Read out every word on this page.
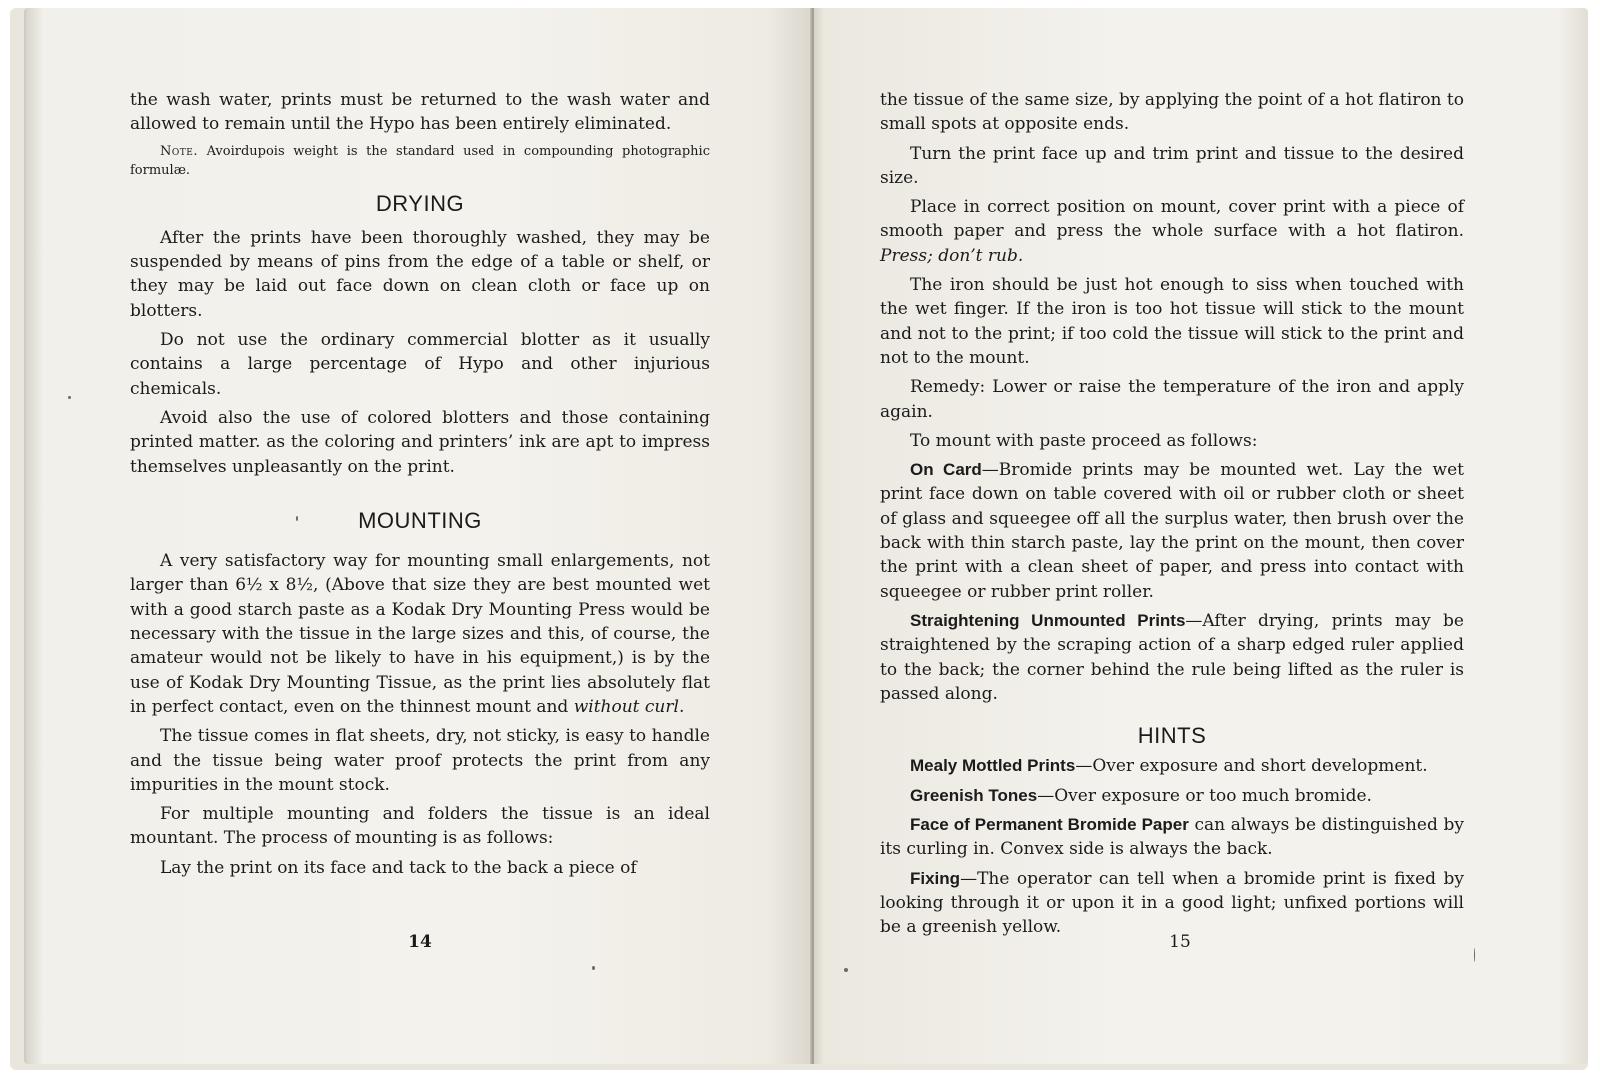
the wash water, prints must be returned to the wash water and allowed to remain until the Hypo has been entirely eliminated.

Note. Avoirdupois weight is the standard used in compounding photographic formulæ.

DRYING

After the prints have been thoroughly washed, they may be suspended by means of pins from the edge of a table or shelf, or they may be laid out face down on clean cloth or face up on blotters.

Do not use the ordinary commercial blotter as it usually contains a large percentage of Hypo and other injurious chemicals.

Avoid also the use of colored blotters and those containing printed matter. as the coloring and printers’ ink are apt to impress themselves unpleasantly on the print.

MOUNTING

A very satisfactory way for mounting small enlargements, not larger than 6½ x 8½, (Above that size they are best mounted wet with a good starch paste as a Kodak Dry Mounting Press would be necessary with the tissue in the large sizes and this, of course, the amateur would not be likely to have in his equipment,) is by the use of Kodak Dry Mounting Tissue, as the print lies absolutely flat in perfect contact, even on the thinnest mount and without curl.

The tissue comes in flat sheets, dry, not sticky, is easy to handle and the tissue being water proof protects the print from any impurities in the mount stock.

For multiple mounting and folders the tissue is an ideal mountant. The process of mounting is as follows:

Lay the print on its face and tack to the back a piece of

14

the tissue of the same size, by applying the point of a hot flatiron to small spots at opposite ends.

Turn the print face up and trim print and tissue to the desired size.

Place in correct position on mount, cover print with a piece of smooth paper and press the whole surface with a hot flatiron. Press; don’t rub.

The iron should be just hot enough to siss when touched with the wet finger. If the iron is too hot tissue will stick to the mount and not to the print; if too cold the tissue will stick to the print and not to the mount.

Remedy: Lower or raise the temperature of the iron and apply again.

To mount with paste proceed as follows:

On Card—Bromide prints may be mounted wet. Lay the wet print face down on table covered with oil or rubber cloth or sheet of glass and squeegee off all the surplus water, then brush over the back with thin starch paste, lay the print on the mount, then cover the print with a clean sheet of paper, and press into contact with squeegee or rubber print roller.

Straightening Unmounted Prints—After drying, prints may be straightened by the scraping action of a sharp edged ruler applied to the back; the corner behind the rule being lifted as the ruler is passed along.

HINTS

Mealy Mottled Prints—Over exposure and short development.

Greenish Tones—Over exposure or too much bromide.

Face of Permanent Bromide Paper can always be distinguished by its curling in. Convex side is always the back.

Fixing—The operator can tell when a bromide print is fixed by looking through it or upon it in a good light; unfixed portions will be a greenish yellow.

15
